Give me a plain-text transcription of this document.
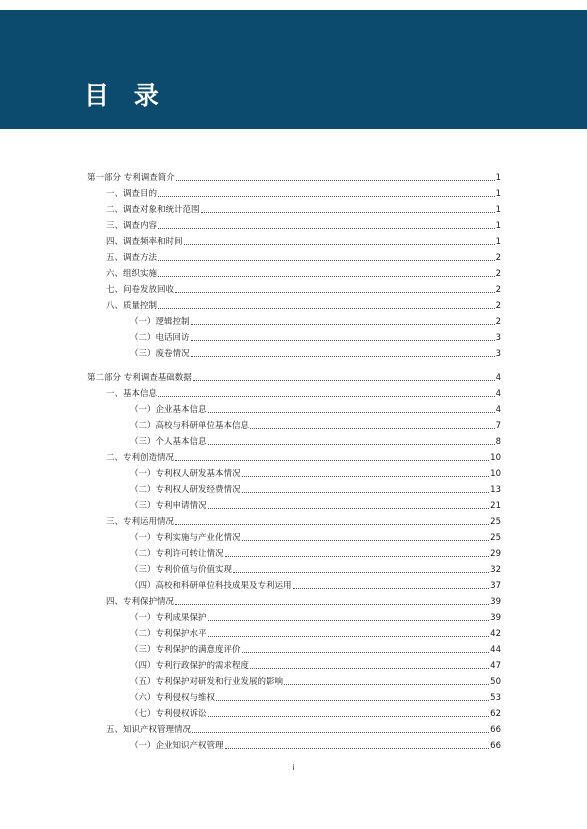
目 录
第一部分 专利调查简介	1
一、调查目的	1
二、调查对象和统计范围	1
三、调查内容	1
四、调查频率和时间	1
五、调查方法	2
六、组织实施	2
七、问卷发放回收	2
八、质量控制	2
（一）逻辑控制	2
（二）电话回访	3
（三）废卷情况	3
第二部分 专利调查基础数据	4
一、基本信息	4
（一）企业基本信息	4
（二）高校与科研单位基本信息	7
（三）个人基本信息	8
二、专利创造情况	10
（一）专利权人研发基本情况	10
（二）专利权人研发经费情况	13
（三）专利申请情况	21
三、专利运用情况	25
（一）专利实施与产业化情况	25
（二）专利许可转让情况	29
（三）专利价值与价值实现	32
（四）高校和科研单位科技成果及专利运用	37
四、专利保护情况	39
（一）专利成果保护	39
（二）专利保护水平	42
（三）专利保护的满意度评价	44
（四）专利行政保护的需求程度	47
（五）专利保护对研发和行业发展的影响	50
（六）专利侵权与维权	53
（七）专利侵权诉讼	62
五、知识产权管理情况	66
（一）企业知识产权管理	66
i
